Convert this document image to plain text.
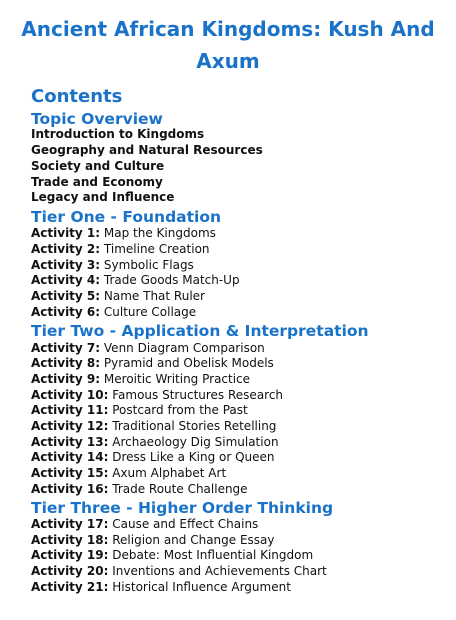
Ancient African Kingdoms: Kush And Axum
Contents
Topic Overview
Introduction to Kingdoms
Geography and Natural Resources
Society and Culture
Trade and Economy
Legacy and Influence
Tier One - Foundation
Activity 1: Map the Kingdoms
Activity 2: Timeline Creation
Activity 3: Symbolic Flags
Activity 4: Trade Goods Match-Up
Activity 5: Name That Ruler
Activity 6: Culture Collage
Tier Two - Application & Interpretation
Activity 7: Venn Diagram Comparison
Activity 8: Pyramid and Obelisk Models
Activity 9: Meroitic Writing Practice
Activity 10: Famous Structures Research
Activity 11: Postcard from the Past
Activity 12: Traditional Stories Retelling
Activity 13: Archaeology Dig Simulation
Activity 14: Dress Like a King or Queen
Activity 15: Axum Alphabet Art
Activity 16: Trade Route Challenge
Tier Three - Higher Order Thinking
Activity 17: Cause and Effect Chains
Activity 18: Religion and Change Essay
Activity 19: Debate: Most Influential Kingdom
Activity 20: Inventions and Achievements Chart
Activity 21: Historical Influence Argument
